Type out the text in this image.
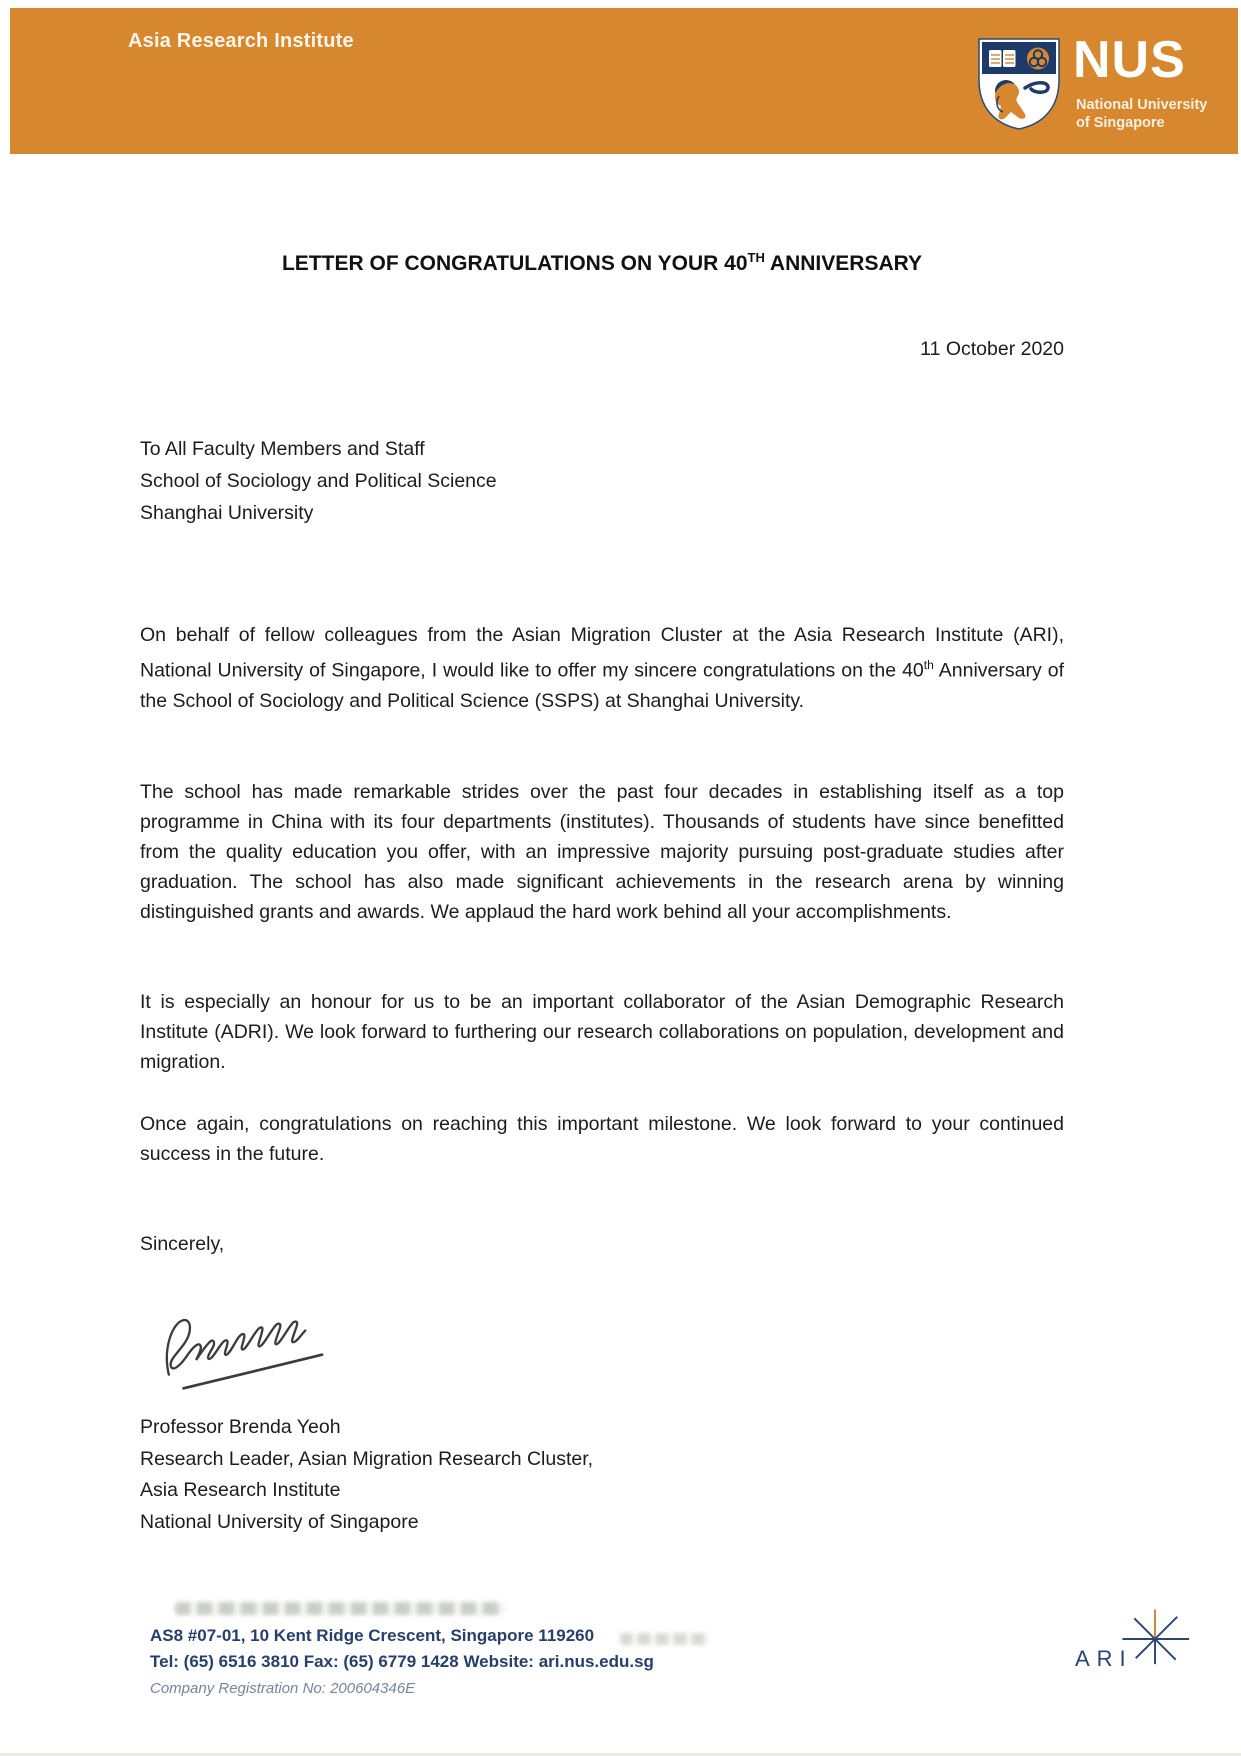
Asia Research Institute	NUS
National University
of Singapore
LETTER OF CONGRATULATIONS ON YOUR 40TH ANNIVERSARY
11 October 2020
To All Faculty Members and Staff
School of Sociology and Political Science
Shanghai University
On behalf of fellow colleagues from the Asian Migration Cluster at the Asia Research Institute (ARI), National University of Singapore, I would like to offer my sincere congratulations on the 40th Anniversary of the School of Sociology and Political Science (SSPS) at Shanghai University.
The school has made remarkable strides over the past four decades in establishing itself as a top programme in China with its four departments (institutes). Thousands of students have since benefitted from the quality education you offer, with an impressive majority pursuing post-graduate studies after graduation. The school has also made significant achievements in the research arena by winning distinguished grants and awards. We applaud the hard work behind all your accomplishments.
It is especially an honour for us to be an important collaborator of the Asian Demographic Research Institute (ADRI). We look forward to furthering our research collaborations on population, development and migration.
Once again, congratulations on reaching this important milestone. We look forward to your continued success in the future.
Sincerely,
Professor Brenda Yeoh
Research Leader, Asian Migration Research Cluster,
Asia Research Institute
National University of Singapore
AS8 #07-01, 10 Kent Ridge Crescent, Singapore 119260
Tel: (65) 6516 3810 Fax: (65) 6779 1428 Website: ari.nus.edu.sg
Company Registration No: 200604346E
ARI
